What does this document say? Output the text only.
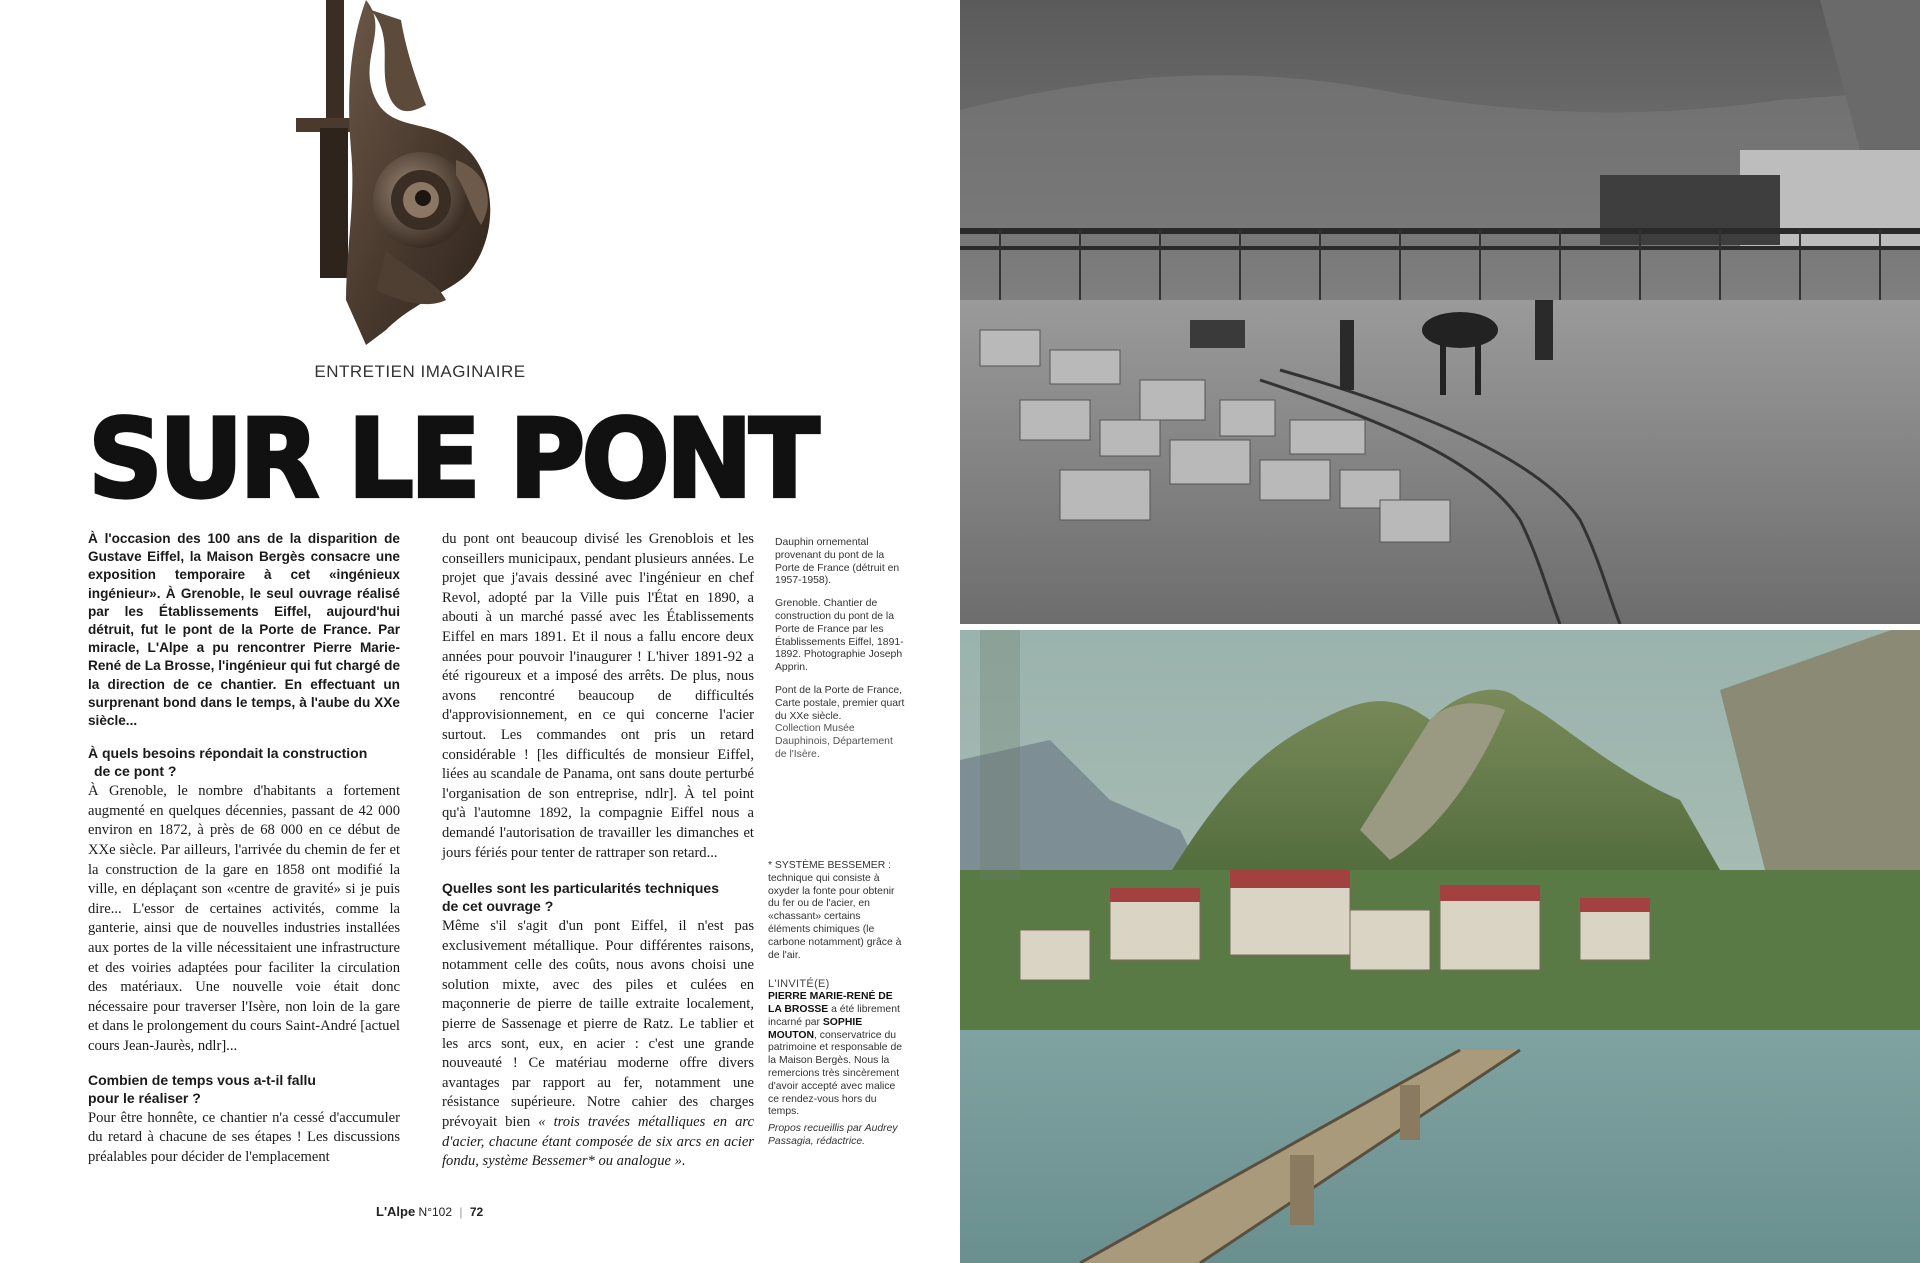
ENTRETIEN IMAGINAIRE
SUR LE PONT

À l'occasion des 100 ans de la disparition de Gustave Eiffel, la Maison Bergès consacre une exposition temporaire à cet «ingénieux ingénieur». À Grenoble, le seul ouvrage réalisé par les Établissements Eiffel, aujourd'hui détruit, fut le pont de la Porte de France. Par miracle, L'Alpe a pu rencontrer Pierre Marie-René de La Brosse, l'ingénieur qui fut chargé de la direction de ce chantier. En effectuant un surprenant bond dans le temps, à l'aube du XXe siècle...

À quels besoins répondait la construction
de ce pont ?

À Grenoble, le nombre d'habitants a fortement augmenté en quelques décennies, passant de 42 000 environ en 1872, à près de 68 000 en ce début de XXe siècle. Par ailleurs, l'arrivée du chemin de fer et la construction de la gare en 1858 ont modifié la ville, en déplaçant son «centre de gravité» si je puis dire... L'essor de certaines activités, comme la ganterie, ainsi que de nouvelles industries installées aux portes de la ville nécessitaient une infrastructure et des voiries adaptées pour faciliter la circulation des matériaux. Une nouvelle voie était donc nécessaire pour traverser l'Isère, non loin de la gare et dans le prolongement du cours Saint-André [actuel cours Jean-Jaurès, ndlr]...

Combien de temps vous a-t-il fallu
pour le réaliser ?

Pour être honnête, ce chantier n'a cessé d'accumuler du retard à chacune de ses étapes ! Les discussions préalables pour décider de l'emplacement

du pont ont beaucoup divisé les Grenoblois et les conseillers municipaux, pendant plusieurs années. Le projet que j'avais dessiné avec l'ingénieur en chef Revol, adopté par la Ville puis l'État en 1890, a abouti à un marché passé avec les Établissements Eiffel en mars 1891. Et il nous a fallu encore deux années pour pouvoir l'inaugurer ! L'hiver 1891-92 a été rigoureux et a imposé des arrêts. De plus, nous avons rencontré beaucoup de difficultés d'approvisionnement, en ce qui concerne l'acier surtout. Les commandes ont pris un retard considérable ! [les difficultés de monsieur Eiffel, liées au scandale de Panama, ont sans doute perturbé l'organisation de son entreprise, ndlr]. À tel point qu'à l'automne 1892, la compagnie Eiffel nous a demandé l'autorisation de travailler les dimanches et jours fériés pour tenter de rattraper son retard...

Quelles sont les particularités techniques
de cet ouvrage ?

Même s'il s'agit d'un pont Eiffel, il n'est pas exclusivement métallique. Pour différentes raisons, notamment celle des coûts, nous avons choisi une solution mixte, avec des piles et culées en maçonnerie de pierre de taille extraite localement, pierre de Sassenage et pierre de Ratz. Le tablier et les arcs sont, eux, en acier : c'est une grande nouveauté ! Ce matériau moderne offre divers avantages par rapport au fer, notamment une résistance supérieure. Notre cahier des charges prévoyait bien « trois travées métalliques en arc d'acier, chacune étant composée de six arcs en acier fondu, système Bessemer* ou analogue ».

Dauphin ornemental provenant du pont de la Porte de France (détruit en 1957-1958).

Grenoble. Chantier de construction du pont de la Porte de France par les Établissements Eiffel, 1891-1892. Photographie Joseph Apprin.

Pont de la Porte de France, Carte postale, premier quart du XXe siècle.
Collection Musée Dauphinois, Département de l'Isère.

* SYSTÈME BESSEMER : technique qui consiste à oxyder la fonte pour obtenir du fer ou de l'acier, en «chassant» certains éléments chimiques (le carbone notamment) grâce à de l'air.

L'INVITÉ(E)

PIERRE MARIE-RENÉ DE LA BROSSE a été librement incarné par SOPHIE MOUTON, conservatrice du patrimoine et responsable de la Maison Bergès. Nous la remercions très sincèrement d'avoir accepté avec malice ce rendez-vous hors du temps.

Propos recueillis par Audrey Passagia, rédactrice.

L'Alpe N°102 | 72
